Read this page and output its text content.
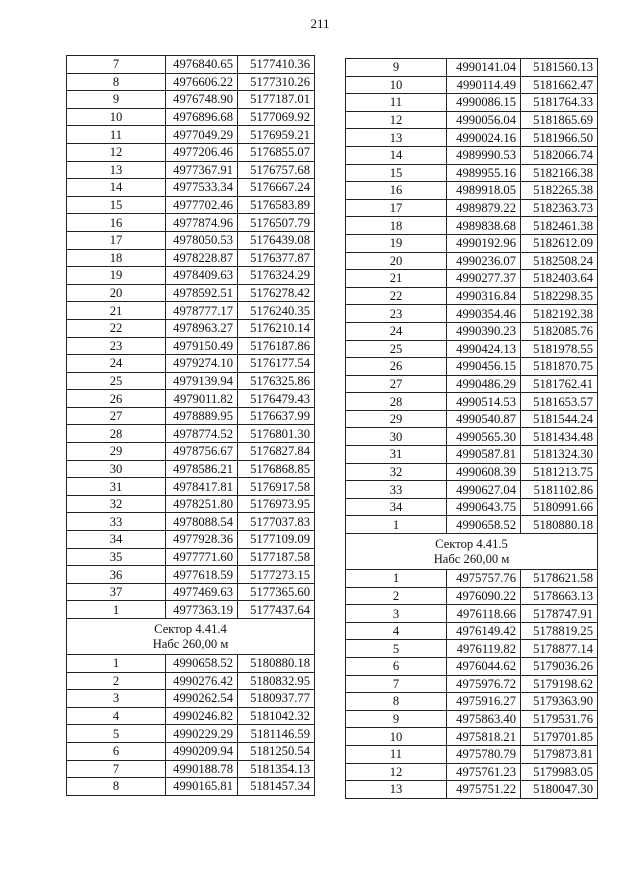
211
7	4976840.65	5177410.36
8	4976606.22	5177310.26
9	4976748.90	5177187.01
10	4976896.68	5177069.92
11	4977049.29	5176959.21
12	4977206.46	5176855.07
13	4977367.91	5176757.68
14	4977533.34	5176667.24
15	4977702.46	5176583.89
16	4977874.96	5176507.79
17	4978050.53	5176439.08
18	4978228.87	5176377.87
19	4978409.63	5176324.29
20	4978592.51	5176278.42
21	4978777.17	5176240.35
22	4978963.27	5176210.14
23	4979150.49	5176187.86
24	4979274.10	5176177.54
25	4979139.94	5176325.86
26	4979011.82	5176479.43
27	4978889.95	5176637.99
28	4978774.52	5176801.30
29	4978756.67	5176827.84
30	4978586.21	5176868.85
31	4978417.81	5176917.58
32	4978251.80	5176973.95
33	4978088.54	5177037.83
34	4977928.36	5177109.09
35	4977771.60	5177187.58
36	4977618.59	5177273.15
37	4977469.63	5177365.60
1	4977363.19	5177437.64

Сектор 4.41.4
Набс 260,00 м		

1	4990658.52	5180880.18
2	4990276.42	5180832.95
3	4990262.54	5180937.77
4	4990246.82	5181042.32
5	4990229.29	5181146.59
6	4990209.94	5181250.54
7	4990188.78	5181354.13
8	4990165.81	5181457.34
9	4990141.04	5181560.13
10	4990114.49	5181662.47
11	4990086.15	5181764.33
12	4990056.04	5181865.69
13	4990024.16	5181966.50
14	4989990.53	5182066.74
15	4989955.16	5182166.38
16	4989918.05	5182265.38
17	4989879.22	5182363.73
18	4989838.68	5182461.38
19	4990192.96	5182612.09
20	4990236.07	5182508.24
21	4990277.37	5182403.64
22	4990316.84	5182298.35
23	4990354.46	5182192.38
24	4990390.23	5182085.76
25	4990424.13	5181978.55
26	4990456.15	5181870.75
27	4990486.29	5181762.41
28	4990514.53	5181653.57
29	4990540.87	5181544.24
30	4990565.30	5181434.48
31	4990587.81	5181324.30
32	4990608.39	5181213.75
33	4990627.04	5181102.86
34	4990643.75	5180991.66
1	4990658.52	5180880.18

Сектор 4.41.5
Набс 260,00 м		

1	4975757.76	5178621.58
2	4976090.22	5178663.13
3	4976118.66	5178747.91
4	4976149.42	5178819.25
5	4976119.82	5178877.14
6	4976044.62	5179036.26
7	4975976.72	5179198.62
8	4975916.27	5179363.90
9	4975863.40	5179531.76
10	4975818.21	5179701.85
11	4975780.79	5179873.81
12	4975761.23	5179983.05
13	4975751.22	5180047.30
